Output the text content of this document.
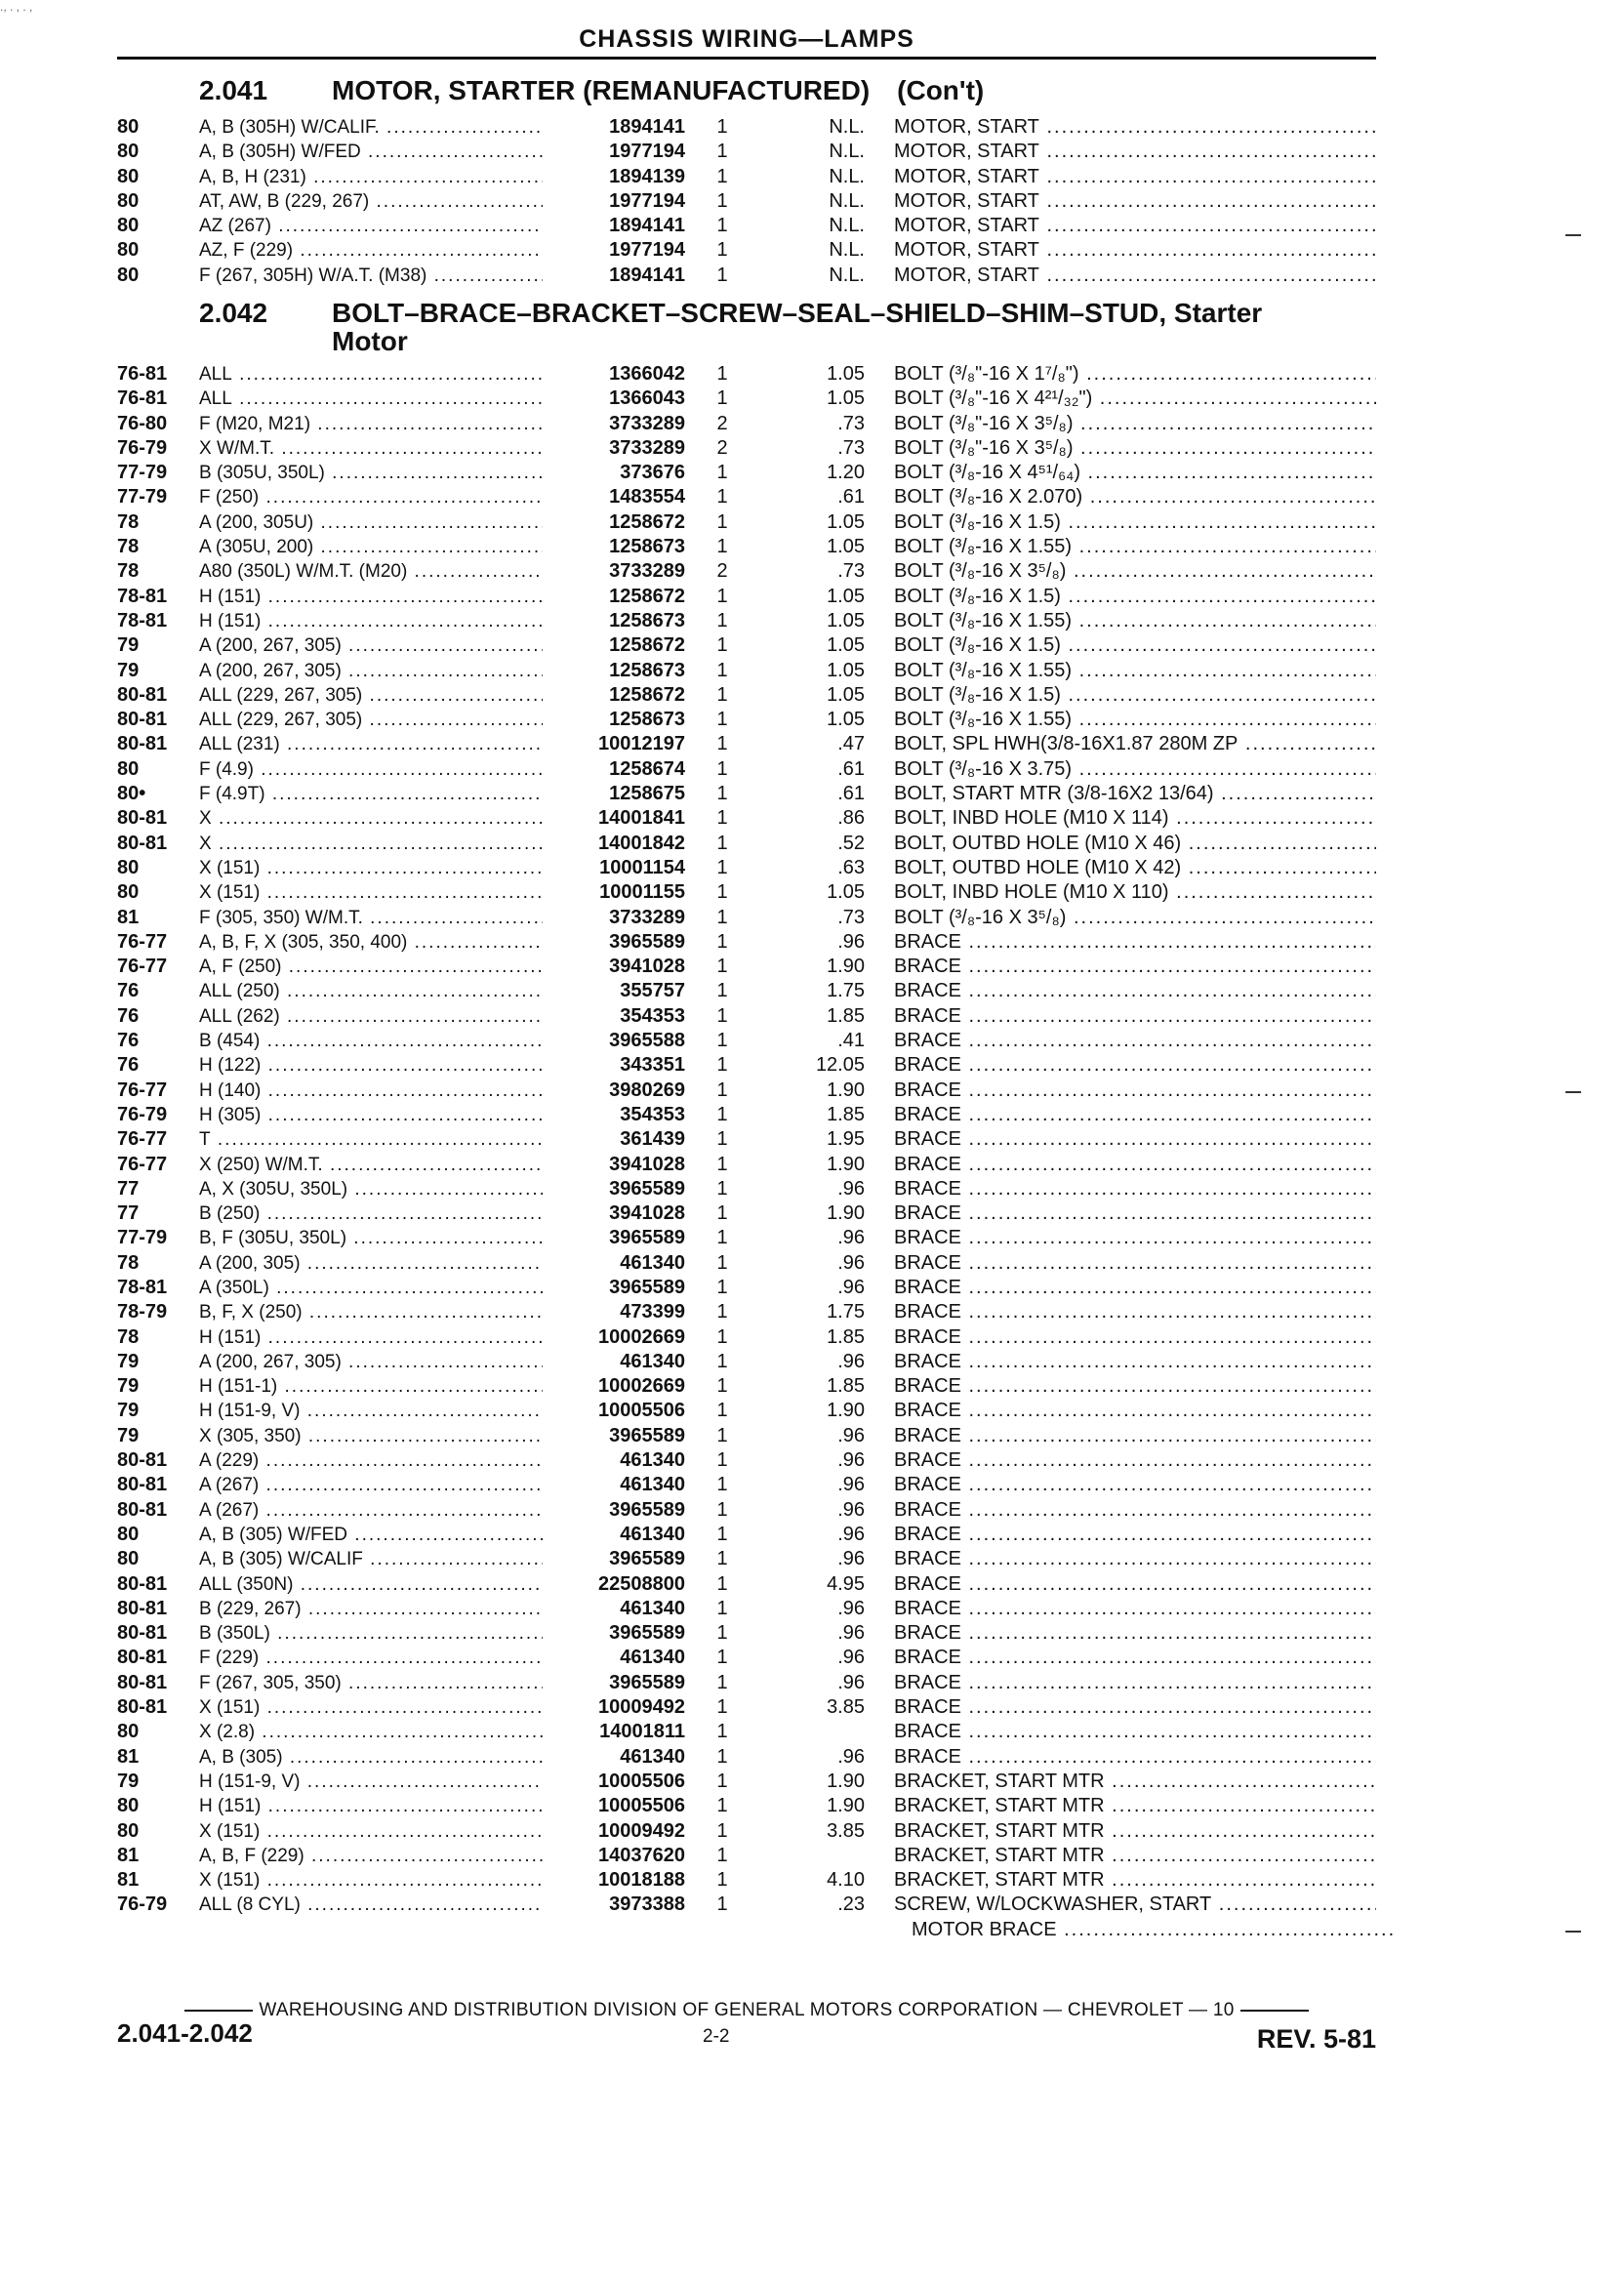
., . , . ,
CHASSIS WIRING—LAMPS
2.041 MOTOR, STARTER (REMANUFACTURED) (Con't)
80	A, B (305H) W/CALIF. .....	1894141	1	N.L. MOTOR, START .....
80	A, B (305H) W/FED .....	1977194	1	N.L. MOTOR, START .....
80	A, B, H (231) .....	1894139	1	N.L. MOTOR, START .....
80	AT, AW, B (229, 267) .....	1977194	1	N.L. MOTOR, START .....
80	AZ (267) .....	1894141	1	N.L. MOTOR, START .....
80	AZ, F (229) .....	1977194	1	N.L. MOTOR, START .....
80	F (267, 305H) W/A.T. (M38) .....	1894141	1	N.L. MOTOR, START .....
2.042 BOLT–BRACE–BRACKET–SCREW–SEAL–SHIELD–SHIM–STUD, Starter
Motor
76-81	ALL .....	1366042	1	1.05 BOLT (³/₈"-16 X 1⁷/₈") .....
76-81	ALL .....	1366043	1	1.05 BOLT (³/₈"-16 X 4²¹/₃₂") .....
76-80	F (M20, M21) .....	3733289	2	.73 BOLT (³/₈"-16 X 3⁵/₈) .....
76-79	X W/M.T. .....	3733289	2	.73 BOLT (³/₈"-16 X 3⁵/₈) .....
77-79	B (305U, 350L) .....	373676	1	1.20 BOLT (³/₈-16 X 4⁵¹/₆₄) .....
77-79	F (250) .....	1483554	1	.61 BOLT (³/₈-16 X 2.070) .....
78	A (200, 305U) .....	1258672	1	1.05 BOLT (³/₈-16 X 1.5) .....
78	A (305U, 200) .....	1258673	1	1.05 BOLT (³/₈-16 X 1.55) .....
78	A80 (350L) W/M.T. (M20) .....	3733289	2	.73 BOLT (³/₈-16 X 3⁵/₈) .....
78-81	H (151) .....	1258672	1	1.05 BOLT (³/₈-16 X 1.5) .....
78-81	H (151) .....	1258673	1	1.05 BOLT (³/₈-16 X 1.55) .....
79	A (200, 267, 305) .....	1258672	1	1.05 BOLT (³/₈-16 X 1.5) .....
79	A (200, 267, 305) .....	1258673	1	1.05 BOLT (³/₈-16 X 1.55) .....
80-81	ALL (229, 267, 305) .....	1258672	1	1.05 BOLT (³/₈-16 X 1.5) .....
80-81	ALL (229, 267, 305) .....	1258673	1	1.05 BOLT (³/₈-16 X 1.55) .....
80-81	ALL (231) .....	10012197	1	.47 BOLT, SPL HWH(3/8-16X1.87 280M ZP .....
80	F (4.9) .....	1258674	1	.61 BOLT (³/₈-16 X 3.75) .....
80•	F (4.9T) .....	1258675	1	.61 BOLT, START MTR (3/8-16X2 13/64) .....
80-81	X .....	14001841	1	.86 BOLT, INBD HOLE (M10 X 114) .....
80-81	X .....	14001842	1	.52 BOLT, OUTBD HOLE (M10 X 46) .....
80	X (151) .....	10001154	1	.63 BOLT, OUTBD HOLE (M10 X 42) .....
80	X (151) .....	10001155	1	1.05 BOLT, INBD HOLE (M10 X 110) .....
81	F (305, 350) W/M.T. .....	3733289	1	.73 BOLT (³/₈-16 X 3⁵/₈) .....
76-77	A, B, F, X (305, 350, 400) .....	3965589	1	.96 BRACE .....
76-77	A, F (250) .....	3941028	1	1.90 BRACE .....
76	ALL (250) .....	355757	1	1.75 BRACE .....
76	ALL (262) .....	354353	1	1.85 BRACE .....
76	B (454) .....	3965588	1	.41 BRACE .....
76	H (122) .....	343351	1	12.05 BRACE .....
76-77	H (140) .....	3980269	1	1.90 BRACE .....
76-79	H (305) .....	354353	1	1.85 BRACE .....
76-77	T .....	361439	1	1.95 BRACE .....
76-77	X (250) W/M.T. .....	3941028	1	1.90 BRACE .....
77	A, X (305U, 350L) .....	3965589	1	.96 BRACE .....
77	B (250) .....	3941028	1	1.90 BRACE .....
77-79	B, F (305U, 350L) .....	3965589	1	.96 BRACE .....
78	A (200, 305) .....	461340	1	.96 BRACE .....
78-81	A (350L) .....	3965589	1	.96 BRACE .....
78-79	B, F, X (250) .....	473399	1	1.75 BRACE .....
78	H (151) .....	10002669	1	1.85 BRACE .....
79	A (200, 267, 305) .....	461340	1	.96 BRACE .....
79	H (151-1) .....	10002669	1	1.85 BRACE .....
79	H (151-9, V) .....	10005506	1	1.90 BRACE .....
79	X (305, 350) .....	3965589	1	.96 BRACE .....
80-81	A (229) .....	461340	1	.96 BRACE .....
80-81	A (267) .....	461340	1	.96 BRACE .....
80-81	A (267) .....	3965589	1	.96 BRACE .....
80	A, B (305) W/FED .....	461340	1	.96 BRACE .....
80	A, B (305) W/CALIF .....	3965589	1	.96 BRACE .....
80-81	ALL (350N) .....	22508800	1	4.95 BRACE .....
80-81	B (229, 267) .....	461340	1	.96 BRACE .....
80-81	B (350L) .....	3965589	1	.96 BRACE .....
80-81	F (229) .....	461340	1	.96 BRACE .....
80-81	F (267, 305, 350) .....	3965589	1	.96 BRACE .....
80-81	X (151) .....	10009492	1	3.85 BRACE .....
80	X (2.8) .....	14001811	1	BRACE .....
81	A, B (305) .....	461340	1	.96 BRACE .....
79	H (151-9, V) .....	10005506	1	1.90 BRACKET, START MTR .....
80	H (151) .....	10005506	1	1.90 BRACKET, START MTR .....
80	X (151) .....	10009492	1	3.85 BRACKET, START MTR .....
81	A, B, F (229) .....	14037620	1	BRACKET, START MTR .....
81	X (151) .....	10018188	1	4.10 BRACKET, START MTR .....
76-79	ALL (8 CYL) .....	3973388	1	.23 SCREW, W/LOCKWASHER, START .....
MOTOR BRACE .....
WAREHOUSING AND DISTRIBUTION DIVISION OF GENERAL MOTORS CORPORATION — CHEVROLET — 10
2.041-2.042	2-2	REV. 5-81
